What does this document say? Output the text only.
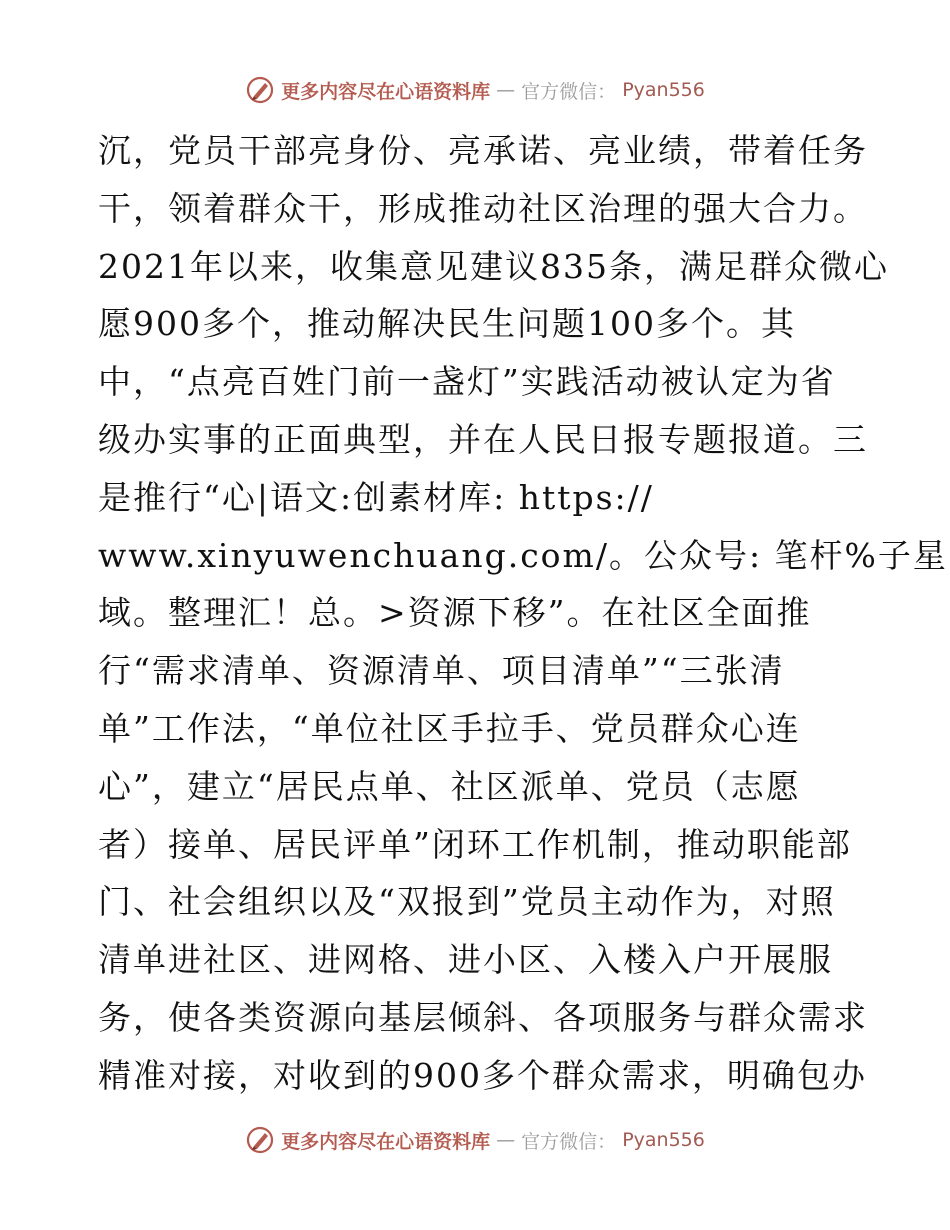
更多内容尽在心语资料库 — 官方微信： Pyan556
沉，党员干部亮身份、亮承诺、亮业绩，带着任务
干，领着群众干，形成推动社区治理的强大合力。
2021年以来，收集意见建议835条，满足群众微心
愿900多个，推动解决民生问题100多个。其
中，“点亮百姓门前一盏灯”实践活动被认定为省
级办实事的正面典型，并在人民日报专题报道。三
是推行“心|语文:创素材库: https://
www.xinyuwenchuang.com/。公众号: 笔杆%子星
域。整理汇！总。>资源下移”。在社区全面推
行“需求清单、资源清单、项目清单”“三张清
单”工作法，“单位社区手拉手、党员群众心连
心”，建立“居民点单、社区派单、党员（志愿
者）接单、居民评单”闭环工作机制，推动职能部
门、社会组织以及“双报到”党员主动作为，对照
清单进社区、进网格、进小区、入楼入户开展服
务，使各类资源向基层倾斜、各项服务与群众需求
精准对接，对收到的900多个群众需求，明确包办
更多内容尽在心语资料库 — 官方微信： Pyan556
